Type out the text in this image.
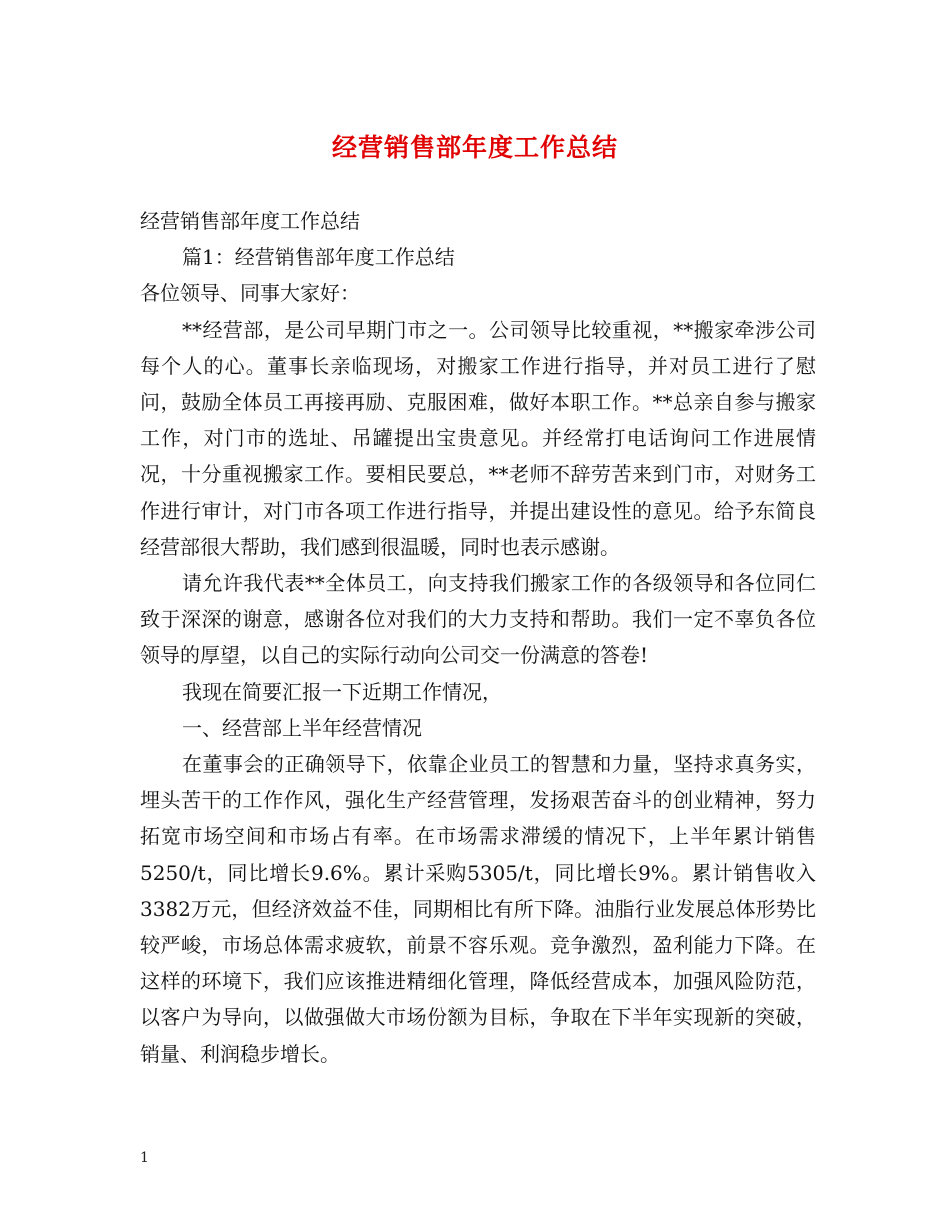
经营销售部年度工作总结

经营销售部年度工作总结

篇1：经营销售部年度工作总结

各位领导、同事大家好：

**经营部，是公司早期门市之一。公司领导比较重视，**搬家牵涉公司每个人的心。董事长亲临现场，对搬家工作进行指导，并对员工进行了慰问，鼓励全体员工再接再励、克服困难，做好本职工作。**总亲自参与搬家工作，对门市的选址、吊罐提出宝贵意见。并经常打电话询问工作进展情况，十分重视搬家工作。要相民要总，**老师不辞劳苦来到门市，对财务工作进行审计，对门市各项工作进行指导，并提出建设性的意见。给予东简良经营部很大帮助，我们感到很温暖，同时也表示感谢。

请允许我代表**全体员工，向支持我们搬家工作的各级领导和各位同仁致于深深的谢意，感谢各位对我们的大力支持和帮助。我们一定不辜负各位领导的厚望，以自己的实际行动向公司交一份满意的答卷!

我现在简要汇报一下近期工作情况，

一、经营部上半年经营情况

在董事会的正确领导下，依靠企业员工的智慧和力量，坚持求真务实，埋头苦干的工作作风，强化生产经营管理，发扬艰苦奋斗的创业精神，努力拓宽市场空间和市场占有率。在市场需求滞缓的情况下，上半年累计销售5250/t，同比增长9.6%。累计采购5305/t，同比增长9%。累计销售收入3382万元，但经济效益不佳，同期相比有所下降。油脂行业发展总体形势比较严峻，市场总体需求疲软，前景不容乐观。竞争激烈，盈利能力下降。在这样的环境下，我们应该推进精细化管理，降低经营成本，加强风险防范，以客户为导向，以做强做大市场份额为目标，争取在下半年实现新的突破，销量、利润稳步增长。

1
